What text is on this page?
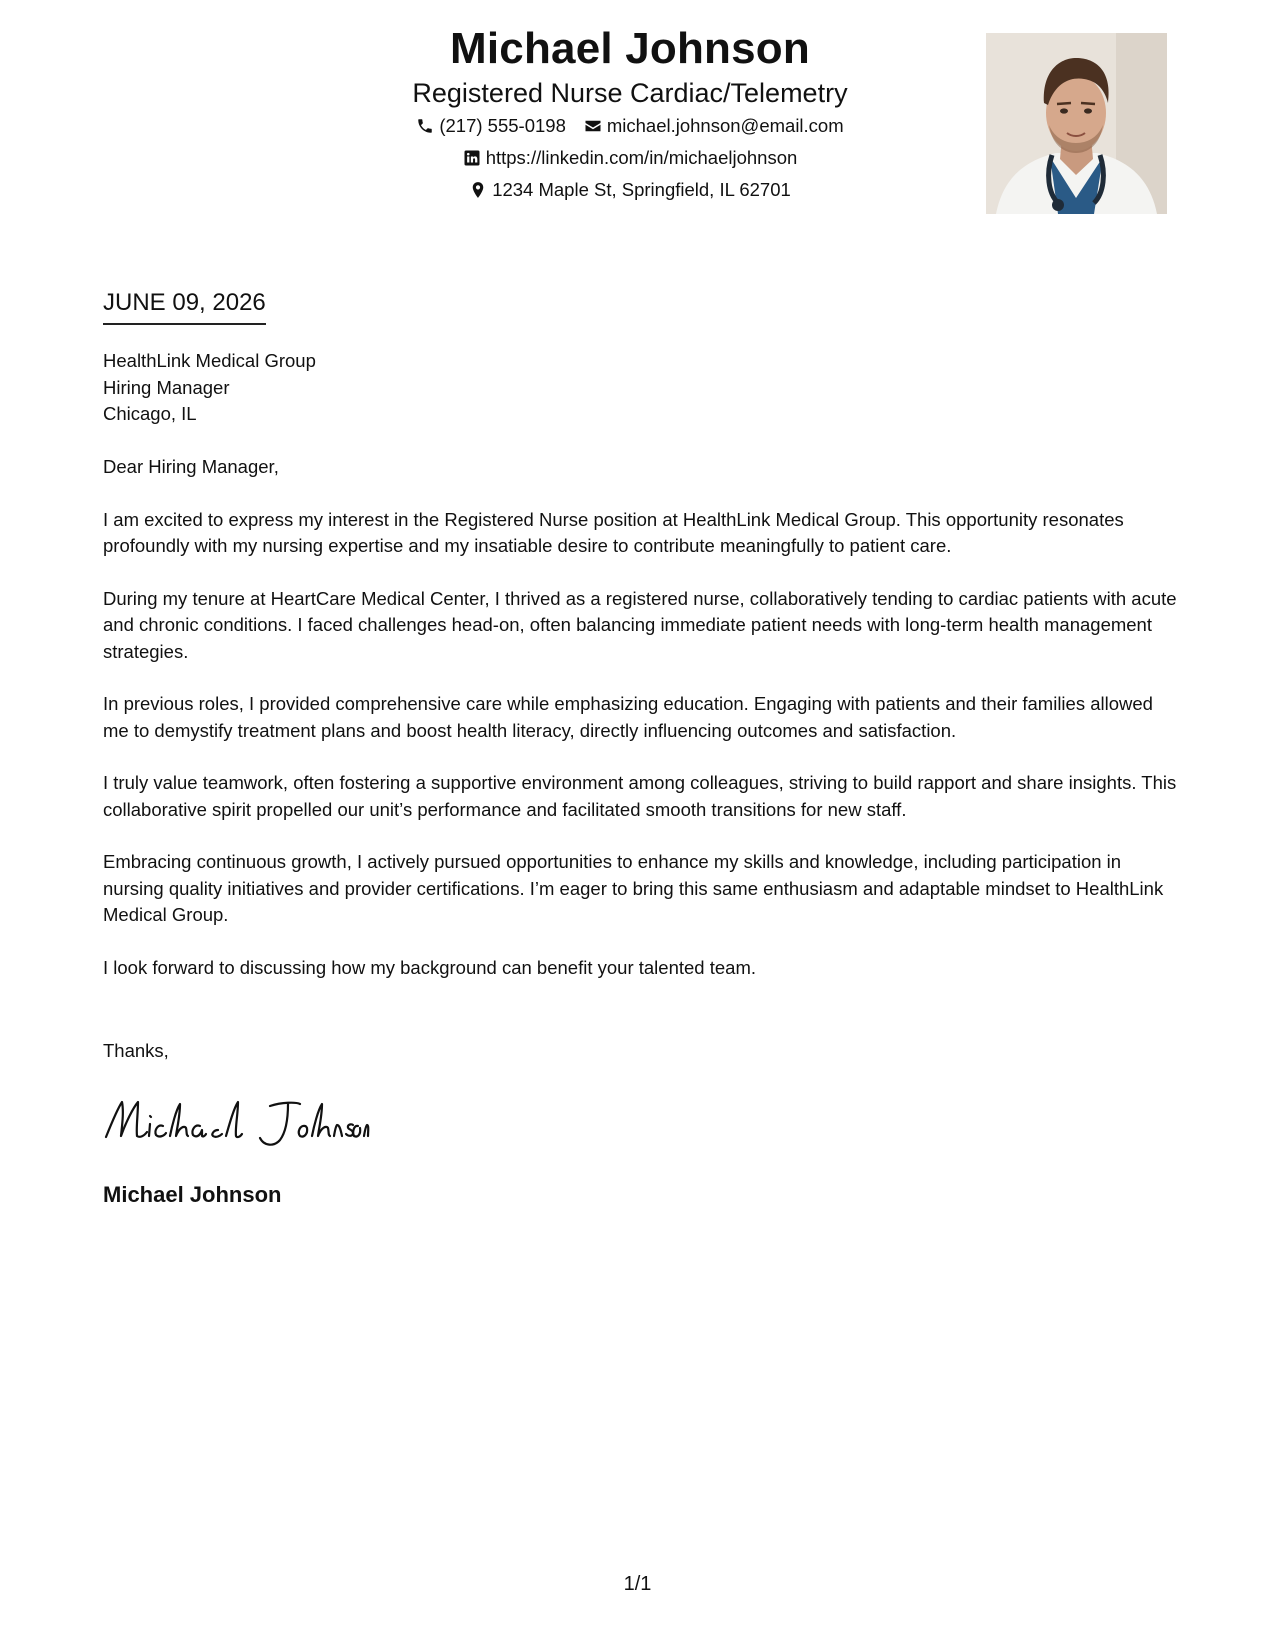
Michael Johnson
Registered Nurse Cardiac/Telemetry
(217) 555-0198 michael.johnson@email.com
https://linkedin.com/in/michaeljohnson
1234 Maple St, Springfield, IL 62701
JUNE 09, 2026
HealthLink Medical Group
Hiring Manager
Chicago, IL

Dear Hiring Manager,

I am excited to express my interest in the Registered Nurse position at HealthLink Medical Group. This opportunity resonates profoundly with my nursing expertise and my insatiable desire to contribute meaningfully to patient care.

During my tenure at HeartCare Medical Center, I thrived as a registered nurse, collaboratively tending to cardiac patients with acute and chronic conditions. I faced challenges head-on, often balancing immediate patient needs with long-term health management strategies.

In previous roles, I provided comprehensive care while emphasizing education. Engaging with patients and their families allowed me to demystify treatment plans and boost health literacy, directly influencing outcomes and satisfaction.

I truly value teamwork, often fostering a supportive environment among colleagues, striving to build rapport and share insights. This collaborative spirit propelled our unit’s performance and facilitated smooth transitions for new staff.

Embracing continuous growth, I actively pursued opportunities to enhance my skills and knowledge, including participation in nursing quality initiatives and provider certifications. I’m eager to bring this same enthusiasm and adaptable mindset to HealthLink Medical Group.

I look forward to discussing how my background can benefit your talented team.

Thanks,
Michael Johnson
1/1
